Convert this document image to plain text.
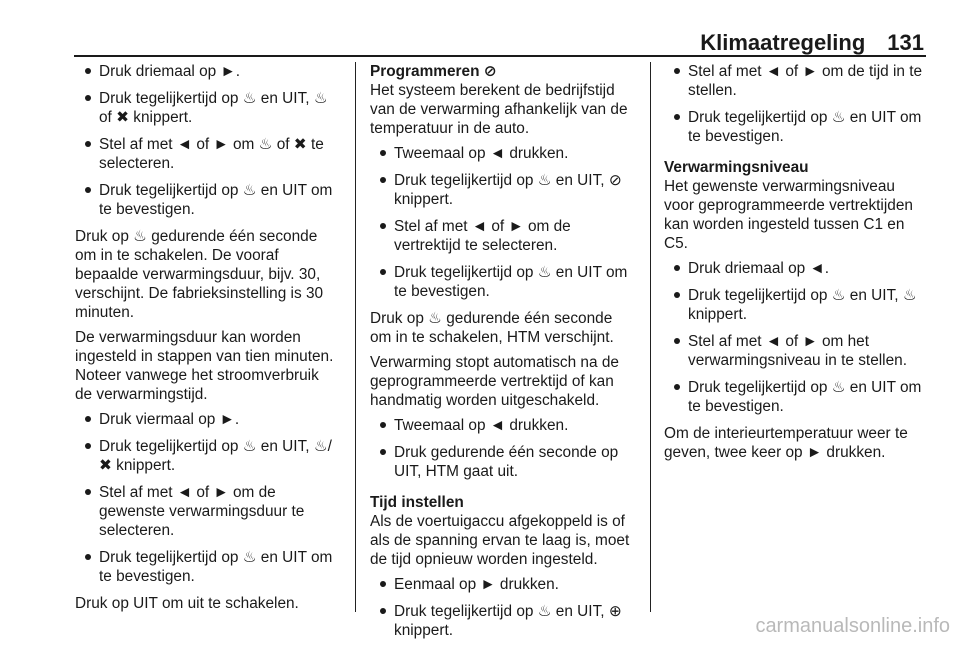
Klimaatregeling 131
Druk driemaal op ►.
Druk tegelijkertijd op ♨ en UIT, ♨ of ✖ knippert.
Stel af met ◄ of ► om ♨ of ✖ te selecteren.
Druk tegelijkertijd op ♨ en UIT om te bevestigen.

Druk op ♨ gedurende één seconde om in te schakelen. De vooraf bepaalde verwarmingsduur, bijv. 30, verschijnt. De fabrieksinstelling is 30 minuten.

De verwarmingsduur kan worden ingesteld in stappen van tien minuten. Noteer vanwege het stroomverbruik de verwarmingstijd.

Druk viermaal op ►.
Druk tegelijkertijd op ♨ en UIT, ♨/✖ knippert.
Stel af met ◄ of ► om de gewenste verwarmingsduur te selecteren.
Druk tegelijkertijd op ♨ en UIT om te bevestigen.

Druk op UIT om uit te schakelen.

Programmeren ⊘

Het systeem berekent de bedrijfstijd van de verwarming afhankelijk van de temperatuur in de auto.

Tweemaal op ◄ drukken.
Druk tegelijkertijd op ♨ en UIT, ⊘ knippert.
Stel af met ◄ of ► om de vertrektijd te selecteren.
Druk tegelijkertijd op ♨ en UIT om te bevestigen.

Druk op ♨ gedurende één seconde om in te schakelen, HTM verschijnt.

Verwarming stopt automatisch na de geprogrammeerde vertrektijd of kan handmatig worden uitgeschakeld.

Tweemaal op ◄ drukken.
Druk gedurende één seconde op UIT, HTM gaat uit.

Tijd instellen

Als de voertuigaccu afgekoppeld is of als de spanning ervan te laag is, moet de tijd opnieuw worden ingesteld.

Eenmaal op ► drukken.
Druk tegelijkertijd op ♨ en UIT, ⊕ knippert.
Stel af met ◄ of ► om de tijd in te stellen.
Druk tegelijkertijd op ♨ en UIT om te bevestigen.

Verwarmingsniveau

Het gewenste verwarmingsniveau voor geprogrammeerde vertrektijden kan worden ingesteld tussen C1 en C5.

Druk driemaal op ◄.
Druk tegelijkertijd op ♨ en UIT, ♨ knippert.
Stel af met ◄ of ► om het verwarmingsniveau in te stellen.
Druk tegelijkertijd op ♨ en UIT om te bevestigen.

Om de interieurtemperatuur weer te geven, twee keer op ► drukken.

carmanualsonline.info
